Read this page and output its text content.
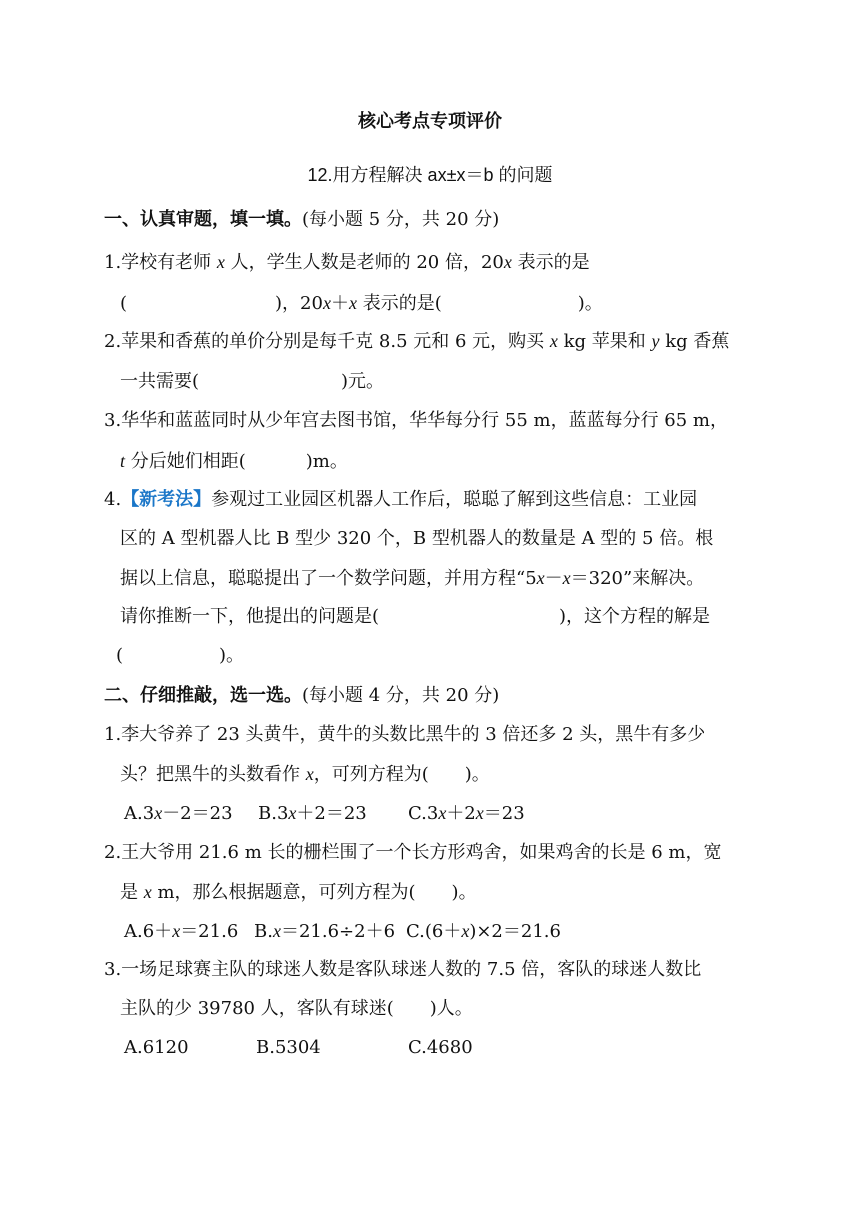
核心考点专项评价
12.用方程解决 ax±x＝b 的问题
一、认真审题，填一填。(每小题 5 分，共 20 分)
1.学校有老师 x 人，学生人数是老师的 20 倍，20x 表示的是
(	)，20x＋x 表示的是(	)。
2.苹果和香蕉的单价分别是每千克 8.5 元和 6 元，购买 x kg 苹果和 y kg 香蕉
一共需要(	)元。
3.华华和蓝蓝同时从少年宫去图书馆，华华每分行 55 m，蓝蓝每分行 65 m，
t 分后她们相距(	)m。
4.【新考法】参观过工业园区机器人工作后，聪聪了解到这些信息：工业园
区的 A 型机器人比 B 型少 320 个，B 型机器人的数量是 A 型的 5 倍。根
据以上信息，聪聪提出了一个数学问题，并用方程“5x－x＝320”来解决。
请你推断一下，他提出的问题是(	)，这个方程的解是
(	)。
二、仔细推敲，选一选。(每小题 4 分，共 20 分)
1.李大爷养了 23 头黄牛，黄牛的头数比黑牛的 3 倍还多 2 头，黑牛有多少
头？把黑牛的头数看作 x，可列方程为( )。
A.3x－2＝23 B.3x＋2＝23 C.3x＋2x＝23
2.王大爷用 21.6 m 长的栅栏围了一个长方形鸡舍，如果鸡舍的长是 6 m，宽
是 x m，那么根据题意，可列方程为( )。
A.6＋x＝21.6 B.x＝21.6÷2＋6 C.(6＋x)×2＝21.6
3.一场足球赛主队的球迷人数是客队球迷人数的 7.5 倍，客队的球迷人数比
主队的少 39780 人，客队有球迷( )人。
A.6120	B.5304	C.4680
